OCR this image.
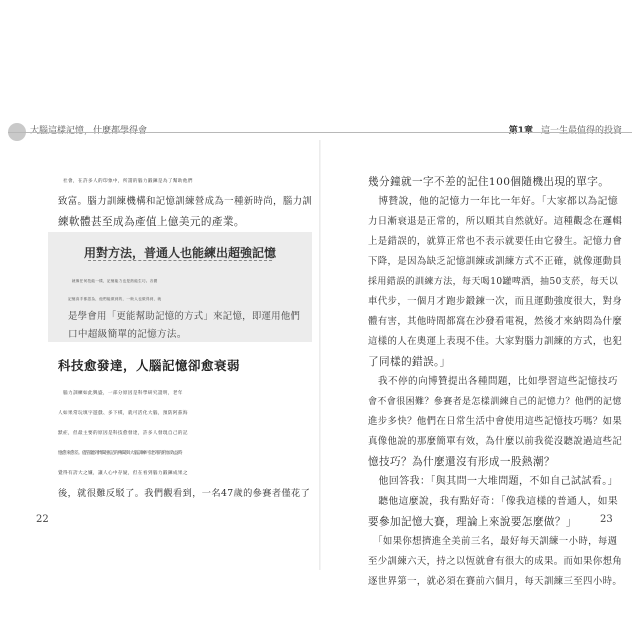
大腦這樣記憶，什麼都學得會	第1章 這一生最值得的投資

　社會，在許多人的印象中，所謂的腦力鍛鍊是為了幫助他們

致富。腦力訓練機構和記憶訓練營成為一種新時尚，腦力訓

練軟體甚至成為產值上億美元的產業。

用對方法，普通人也能練出超強記憶

　就像任何技能一樣，記憶能力也是熟能生巧。各國

記憶高手都認為，他們能做到的，一般人也做得到，就

是學會用「更能幫助記憶的方式」來記憶，即運用他們

口中超級簡單的記憶方法。

科技愈發達，人腦記憶卻愈衰弱

　腦力訓練如此興盛，一部分原因是科學研究證明，老年

人如果常玩填字遊戲、多下棋，就可活化大腦，預防阿茲海

默症，但最主要的原因是科技愈發達，許多人發現自己的記

憶愈來愈差。儘管聽到博聞強記的傳聞與大腦訓練可達到的附加效益時

覺得有誇大之嫌，讓人心中存疑，但在看到腦力鍛鍊成果之

後，就很難反駁了。我們觀看到，一名47歲的參賽者僅花了

22

幾分鐘就一字不差的記住100個隨機出現的單字。

　博贊說，他的記憶力一年比一年好。「大家都以為記憶

力日漸衰退是正常的，所以順其自然就好。這種觀念在邏輯

上是錯誤的，就算正常也不表示就要任由它發生。記憶力會

下降，是因為缺乏記憶訓練或訓練方式不正確，就像運動員

採用錯誤的訓練方法，每天喝10罐啤酒，抽50支菸，每天以

車代步，一個月才跑步鍛鍊一次，而且運動強度很大，對身

體有害，其他時間都窩在沙發看電視，然後才來納悶為什麼

這樣的人在奧運上表現不佳。大家對腦力訓練的方式，也犯

了同樣的錯誤。」

　我不停的向博贊提出各種問題，比如學習這些記憶技巧

會不會很困難？參賽者是怎樣訓練自己的記憶力？他們的記憶

進步多快？他們在日常生活中會使用這些記憶技巧嗎？如果

真像他說的那麼簡單有效，為什麼以前我從沒聽說過這些記

憶技巧？為什麼還沒有形成一股熱潮？

　他回答我：「與其問一大堆問題，不如自己試試看。」

　聽他這麼說，我有點好奇：「像我這樣的普通人，如果

要參加記憶大賽，理論上來說要怎麼做？」

　「如果你想擠進全美前三名，最好每天訓練一小時，每週

至少訓練六天，持之以恆就會有很大的成果。而如果你想角

逐世界第一，就必須在賽前六個月，每天訓練三至四小時。

23
